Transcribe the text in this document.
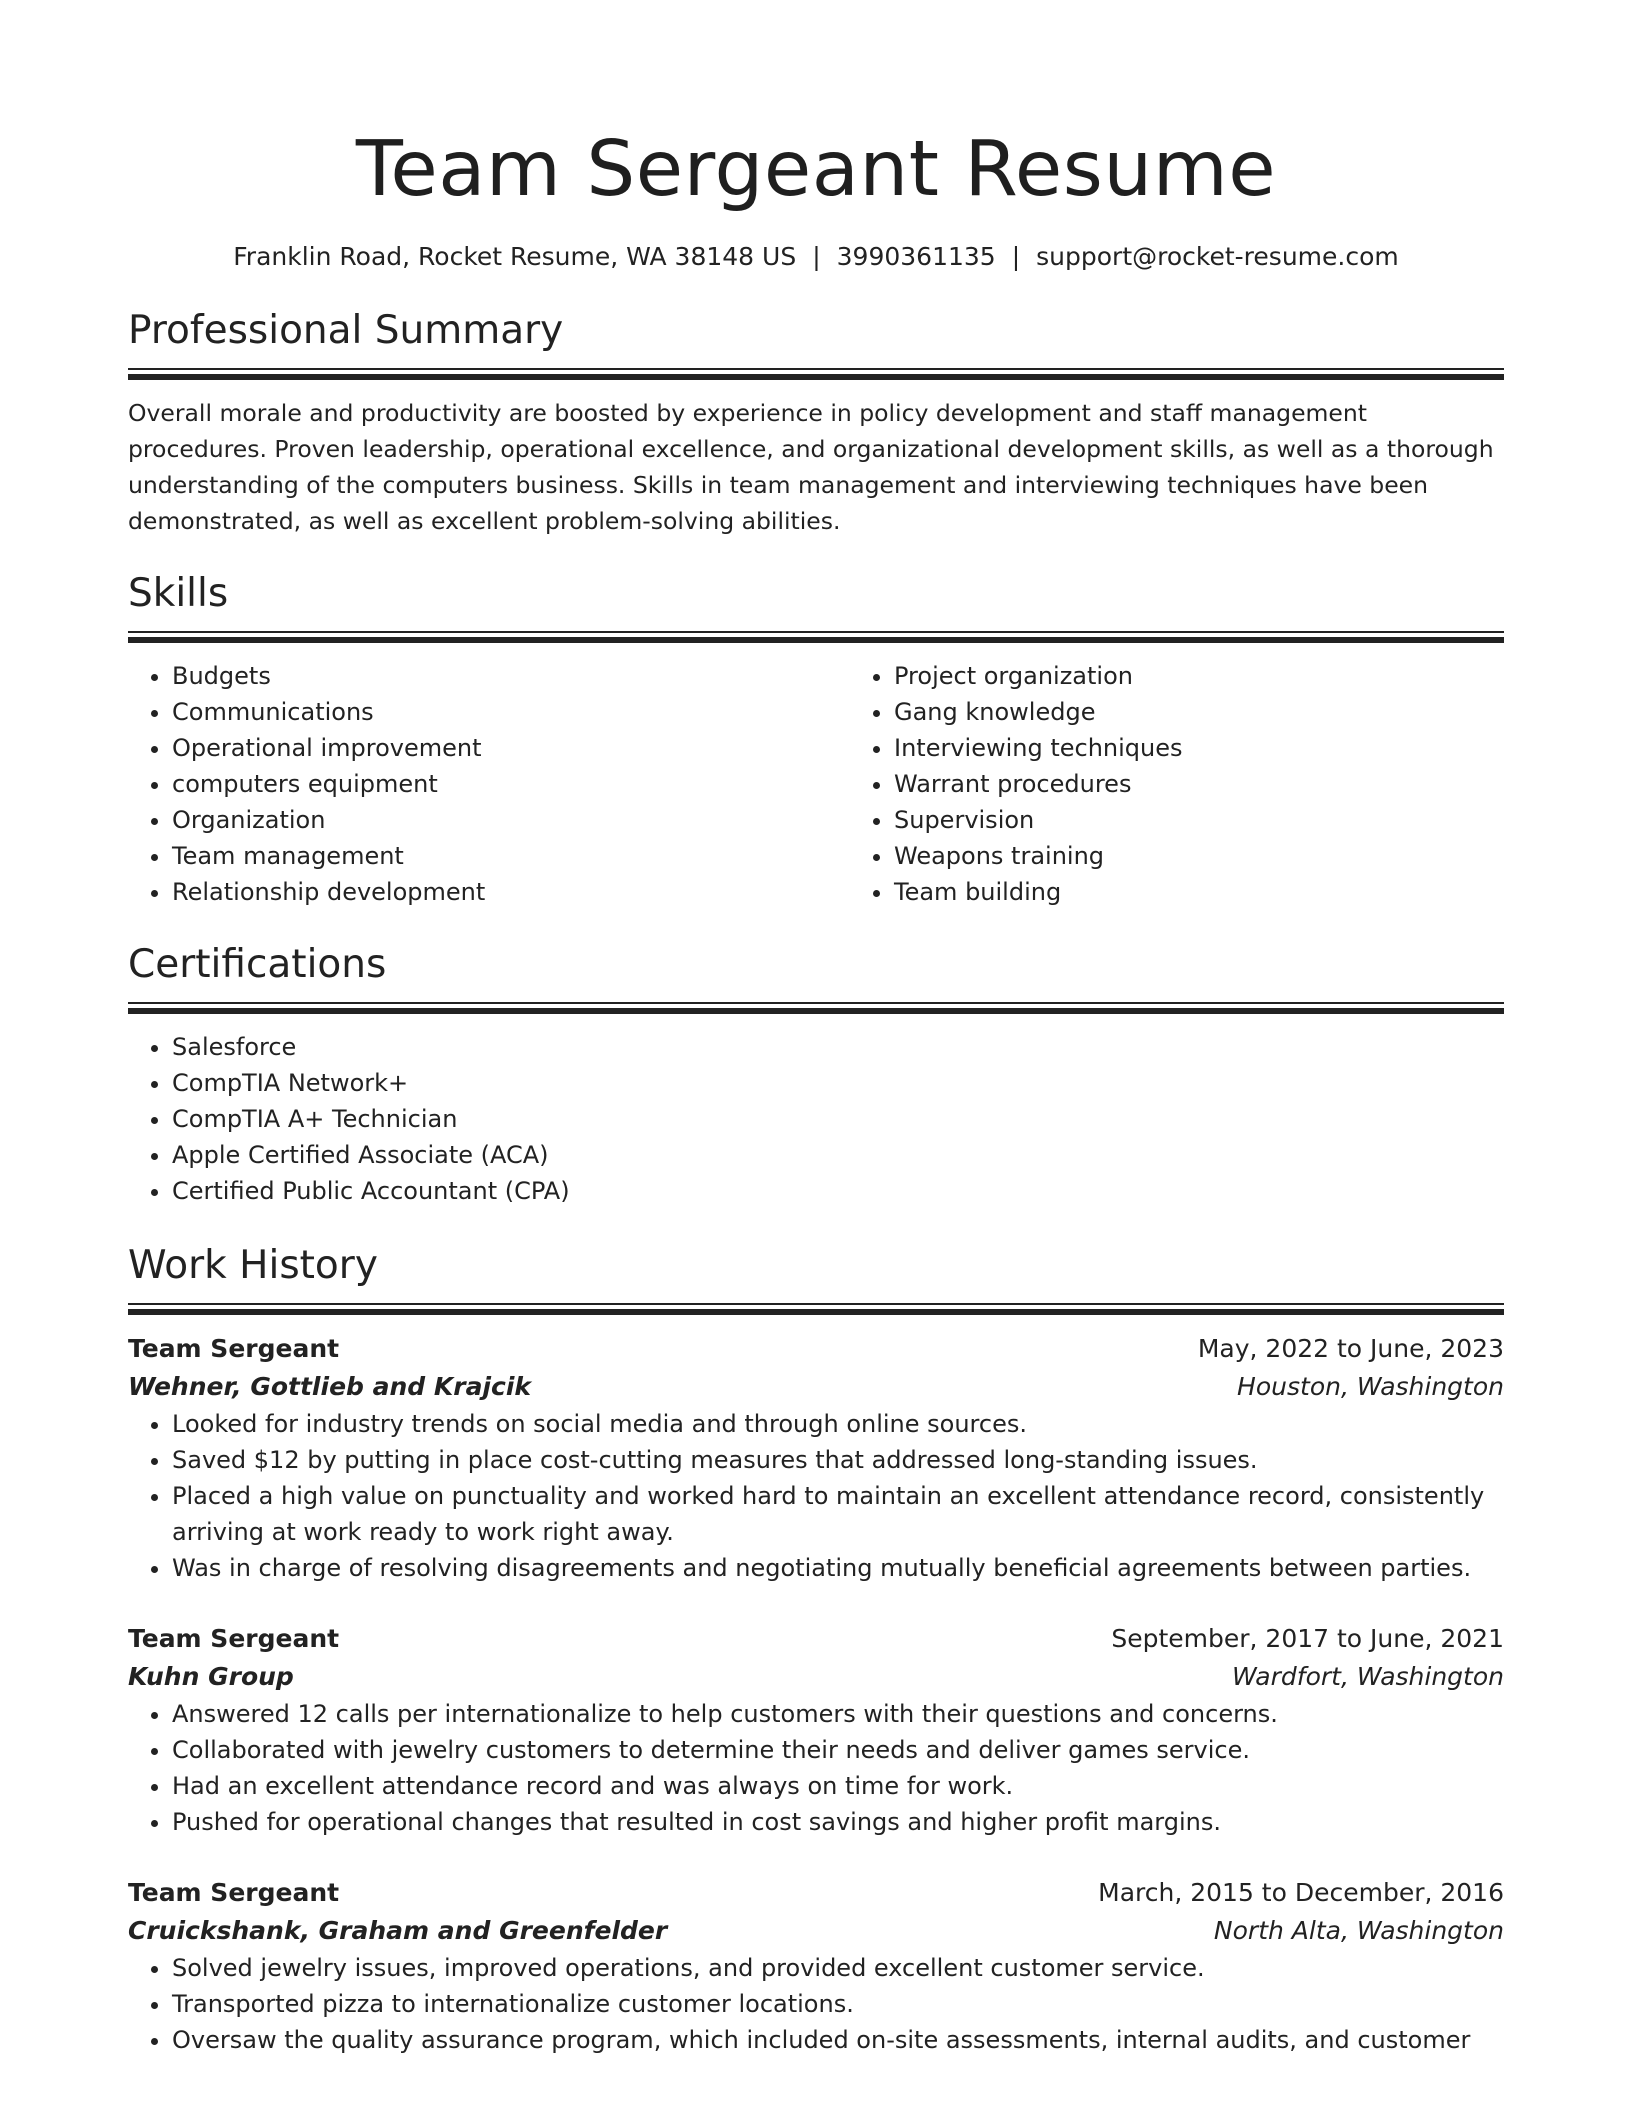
Team Sergeant Resume
Franklin Road, Rocket Resume, WA 38148 US | 3990361135 | support@rocket-resume.com
Professional Summary

Overall morale and productivity are boosted by experience in policy development and staff management procedures. Proven leadership, operational excellence, and organizational development skills, as well as a thorough understanding of the computers business. Skills in team management and interviewing techniques have been demonstrated, as well as excellent problem-solving abilities.

Skills
• Budgets
• Communications
• Operational improvement
• computers equipment
• Organization
• Team management
• Relationship development
• Project organization
• Gang knowledge
• Interviewing techniques
• Warrant procedures
• Supervision
• Weapons training
• Team building
Certifications
• Salesforce
• CompTIA Network+
• CompTIA A+ Technician
• Apple Certified Associate (ACA)
• Certified Public Accountant (CPA)
Work History
Team Sergeant	May, 2022 to June, 2023
Wehner, Gottlieb and Krajcik	Houston, Washington
• Looked for industry trends on social media and through online sources.
• Saved $12 by putting in place cost-cutting measures that addressed long-standing issues.
• Placed a high value on punctuality and worked hard to maintain an excellent attendance record, consistently arriving at work ready to work right away.
• Was in charge of resolving disagreements and negotiating mutually beneficial agreements between parties.
Team Sergeant	September, 2017 to June, 2021
Kuhn Group	Wardfort, Washington
• Answered 12 calls per internationalize to help customers with their questions and concerns.
• Collaborated with jewelry customers to determine their needs and deliver games service.
• Had an excellent attendance record and was always on time for work.
• Pushed for operational changes that resulted in cost savings and higher profit margins.
Team Sergeant	March, 2015 to December, 2016
Cruickshank, Graham and Greenfelder	North Alta, Washington
• Solved jewelry issues, improved operations, and provided excellent customer service.
• Transported pizza to internationalize customer locations.
• Oversaw the quality assurance program, which included on-site assessments, internal audits, and customer
